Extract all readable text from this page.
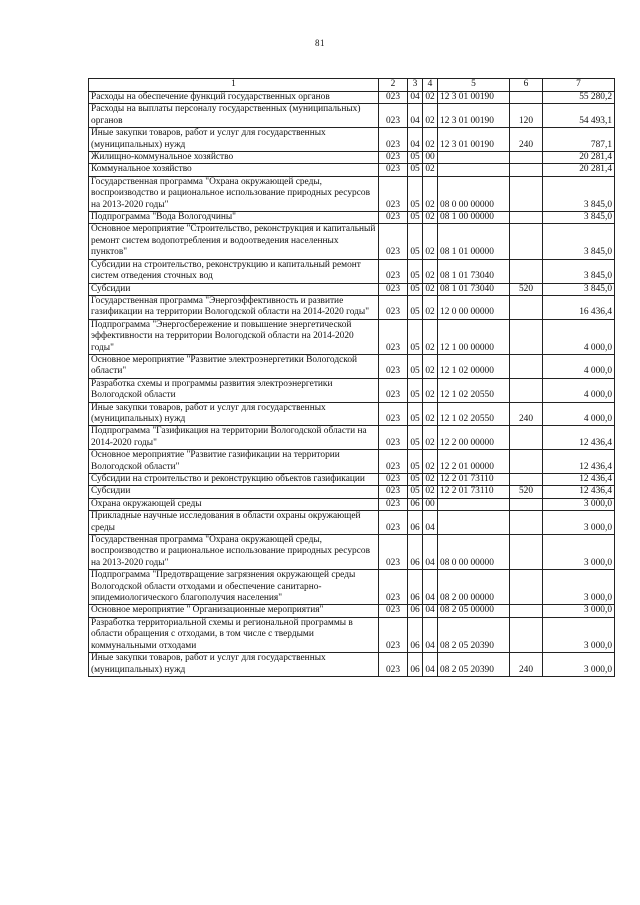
81
1	2	3	4	5	6	7
Расходы на обеспечение функций государственных органов	023	04	02	12 3 01 00190		55 280,2
Расходы на выплаты персоналу государственных (муниципальных) органов	023	04	02	12 3 01 00190	120	54 493,1
Иные закупки товаров, работ и услуг для государственных (муниципальных) нужд	023	04	02	12 3 01 00190	240	787,1
Жилищно-коммунальное хозяйство	023	05	00			20 281,4
Коммунальное хозяйство	023	05	02			20 281,4
Государственная программа "Охрана окружающей среды, воспроизводство и рациональное использование природных ресурсов на 2013-2020 годы"	023	05	02	08 0 00 00000		3 845,0
Подпрограмма "Вода Вологодчины"	023	05	02	08 1 00 00000		3 845,0
Основное мероприятие "Строительство, реконструкция и капитальный ремонт систем водопотребления и водоотведения населенных пунктов"	023	05	02	08 1 01 00000		3 845,0
Субсидии на строительство, реконструкцию и капитальный ремонт систем отведения сточных вод	023	05	02	08 1 01 73040		3 845,0
Субсидии	023	05	02	08 1 01 73040	520	3 845,0
Государственная программа "Энергоэффективность и развитие газификации на территории Вологодской области на 2014-2020 годы"	023	05	02	12 0 00 00000		16 436,4
Подпрограмма "Энергосбережение и повышение энергетической эффективности на территории Вологодской области на 2014-2020 годы"	023	05	02	12 1 00 00000		4 000,0
Основное мероприятие "Развитие электроэнергетики Вологодской области"	023	05	02	12 1 02 00000		4 000,0
Разработка схемы и программы развития электроэнергетики Вологодской области	023	05	02	12 1 02 20550		4 000,0
Иные закупки товаров, работ и услуг для государственных (муниципальных) нужд	023	05	02	12 1 02 20550	240	4 000,0
Подпрограмма "Газификация на территории Вологодской области на 2014-2020 годы"	023	05	02	12 2 00 00000		12 436,4
Основное мероприятие "Развитие газификации на территории Вологодской области"	023	05	02	12 2 01 00000		12 436,4
Субсидии на строительство и реконструкцию объектов газификации	023	05	02	12 2 01 73110		12 436,4
Субсидии	023	05	02	12 2 01 73110	520	12 436,4
Охрана окружающей среды	023	06	00			3 000,0
Прикладные научные исследования в области охраны окружающей среды	023	06	04			3 000,0
Государственная программа "Охрана окружающей среды, воспроизводство и рациональное использование природных ресурсов на 2013-2020 годы"	023	06	04	08 0 00 00000		3 000,0
Подпрограмма "Предотвращение загрязнения окружающей среды Вологодской области отходами и обеспечение санитарно-эпидемиологического благополучия населения"	023	06	04	08 2 00 00000		3 000,0
Основное мероприятие " Организационные мероприятия"	023	06	04	08 2 05 00000		3 000,0
Разработка территориальной схемы и региональной программы в области обращения с отходами, в том числе с твердыми коммунальными отходами	023	06	04	08 2 05 20390		3 000,0
Иные закупки товаров, работ и услуг для государственных (муниципальных) нужд	023	06	04	08 2 05 20390	240	3 000,0
